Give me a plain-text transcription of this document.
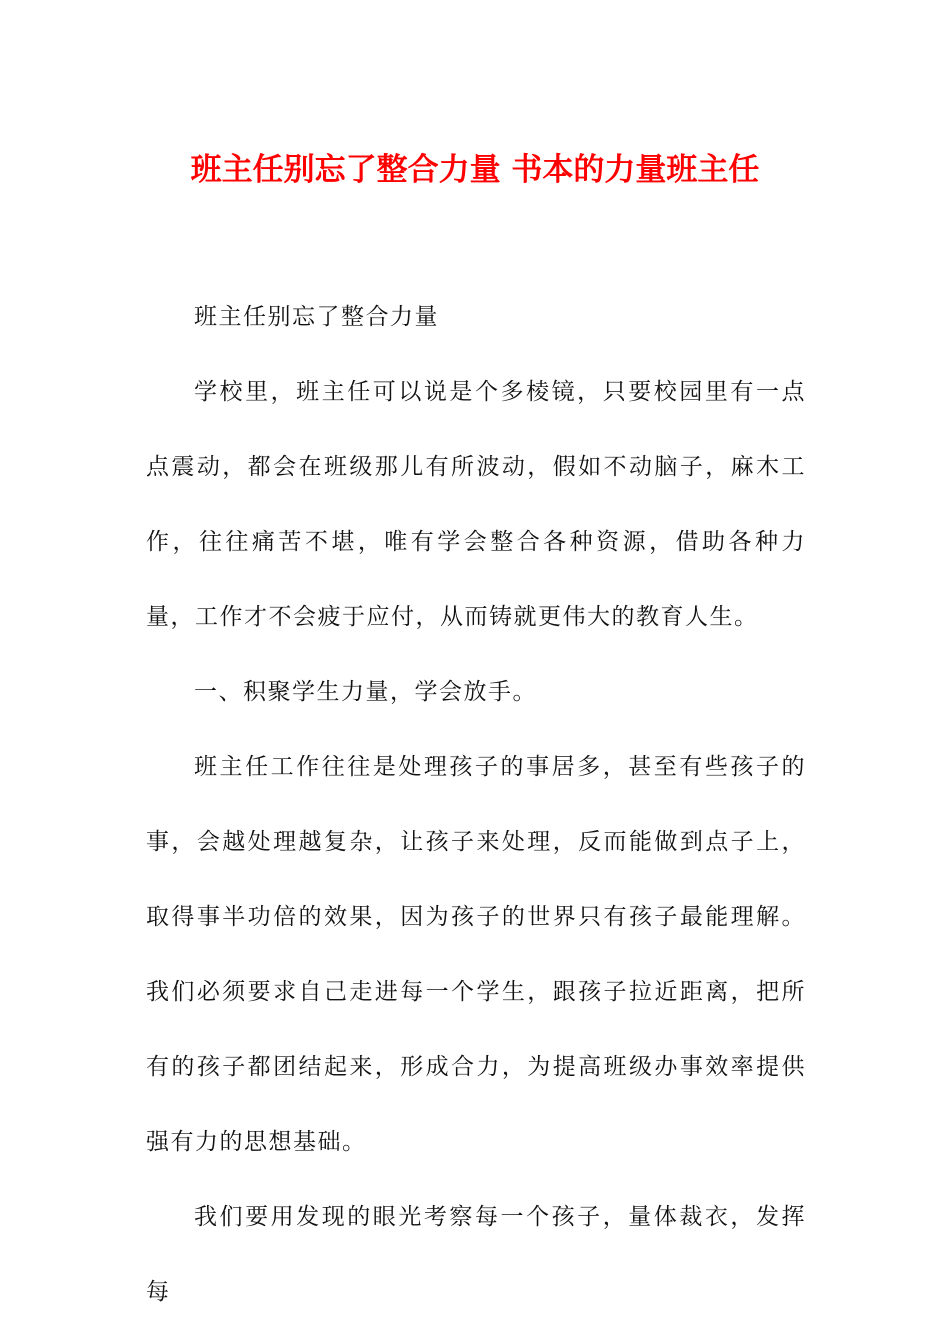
班主任别忘了整合力量 书本的力量班主任

班主任别忘了整合力量

学校里，班主任可以说是个多棱镜，只要校园里有一点点震动，都会在班级那儿有所波动，假如不动脑子，麻木工作，往往痛苦不堪，唯有学会整合各种资源，借助各种力量，工作才不会疲于应付，从而铸就更伟大的教育人生。

一、积聚学生力量，学会放手。

班主任工作往往是处理孩子的事居多，甚至有些孩子的事，会越处理越复杂，让孩子来处理，反而能做到点子上，取得事半功倍的效果，因为孩子的世界只有孩子最能理解。我们必须要求自己走进每一个学生，跟孩子拉近距离，把所有的孩子都团结起来，形成合力，为提高班级办事效率提供强有力的思想基础。

我们要用发现的眼光考察每一个孩子，量体裁衣，发挥每
